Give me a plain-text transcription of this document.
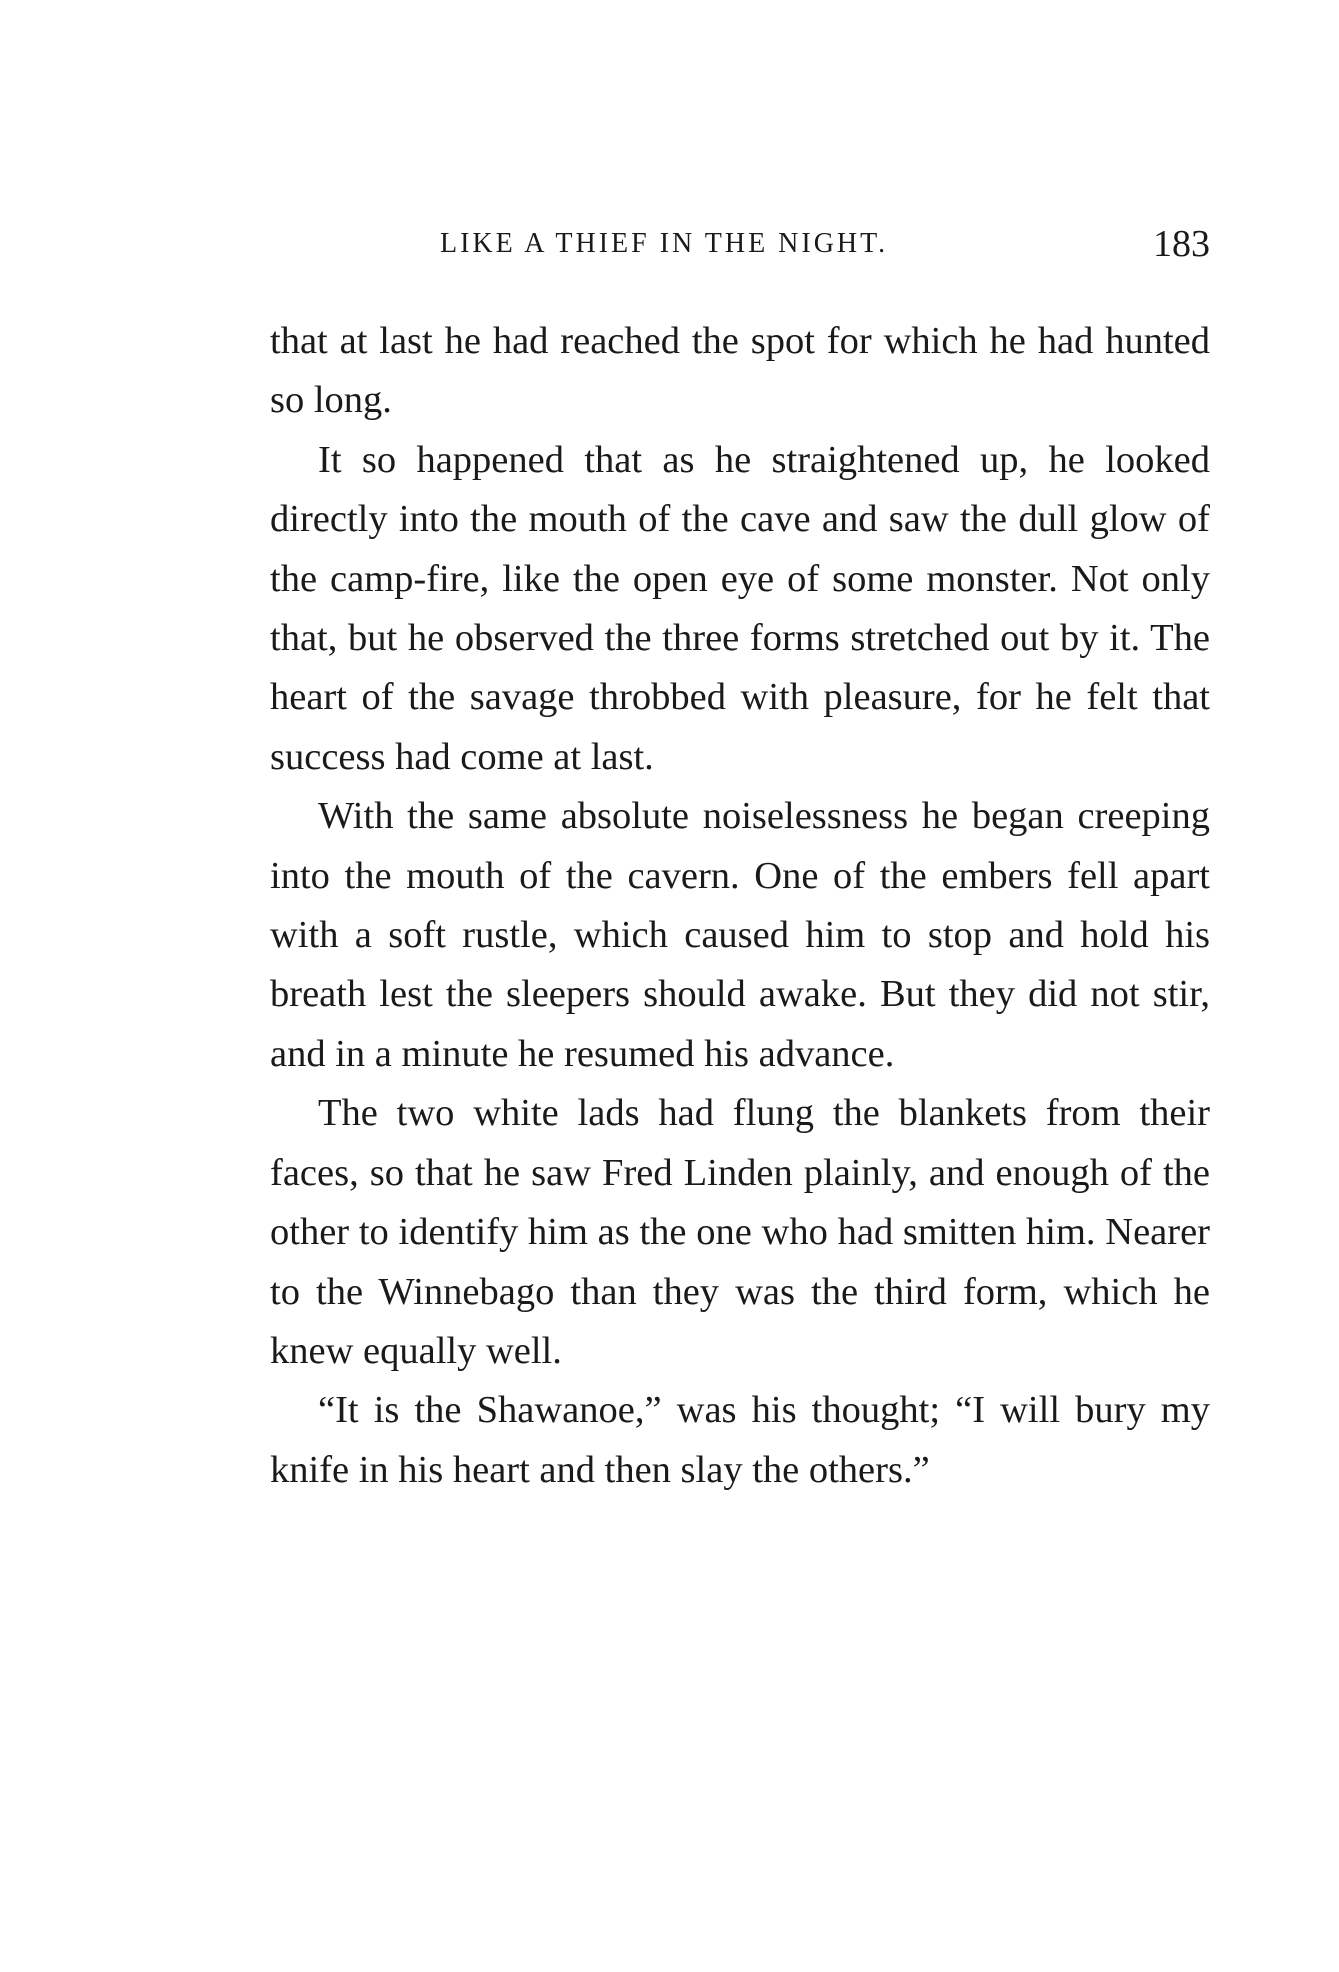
LIKE A THIEF IN THE NIGHT.	183

that at last he had reached the spot for which he had hunted so long.

It so happened that as he straightened up, he looked directly into the mouth of the cave and saw the dull glow of the camp-fire, like the open eye of some monster. Not only that, but he observed the three forms stretched out by it. The heart of the savage throbbed with pleasure, for he felt that success had come at last.

With the same absolute noiselessness he began creeping into the mouth of the cavern. One of the embers fell apart with a soft rustle, which caused him to stop and hold his breath lest the sleepers should awake. But they did not stir, and in a minute he resumed his advance.

The two white lads had flung the blankets from their faces, so that he saw Fred Linden plainly, and enough of the other to identify him as the one who had smitten him. Nearer to the Winnebago than they was the third form, which he knew equally well.

“It is the Shawanoe,” was his thought; “I will bury my knife in his heart and then slay the others.”
